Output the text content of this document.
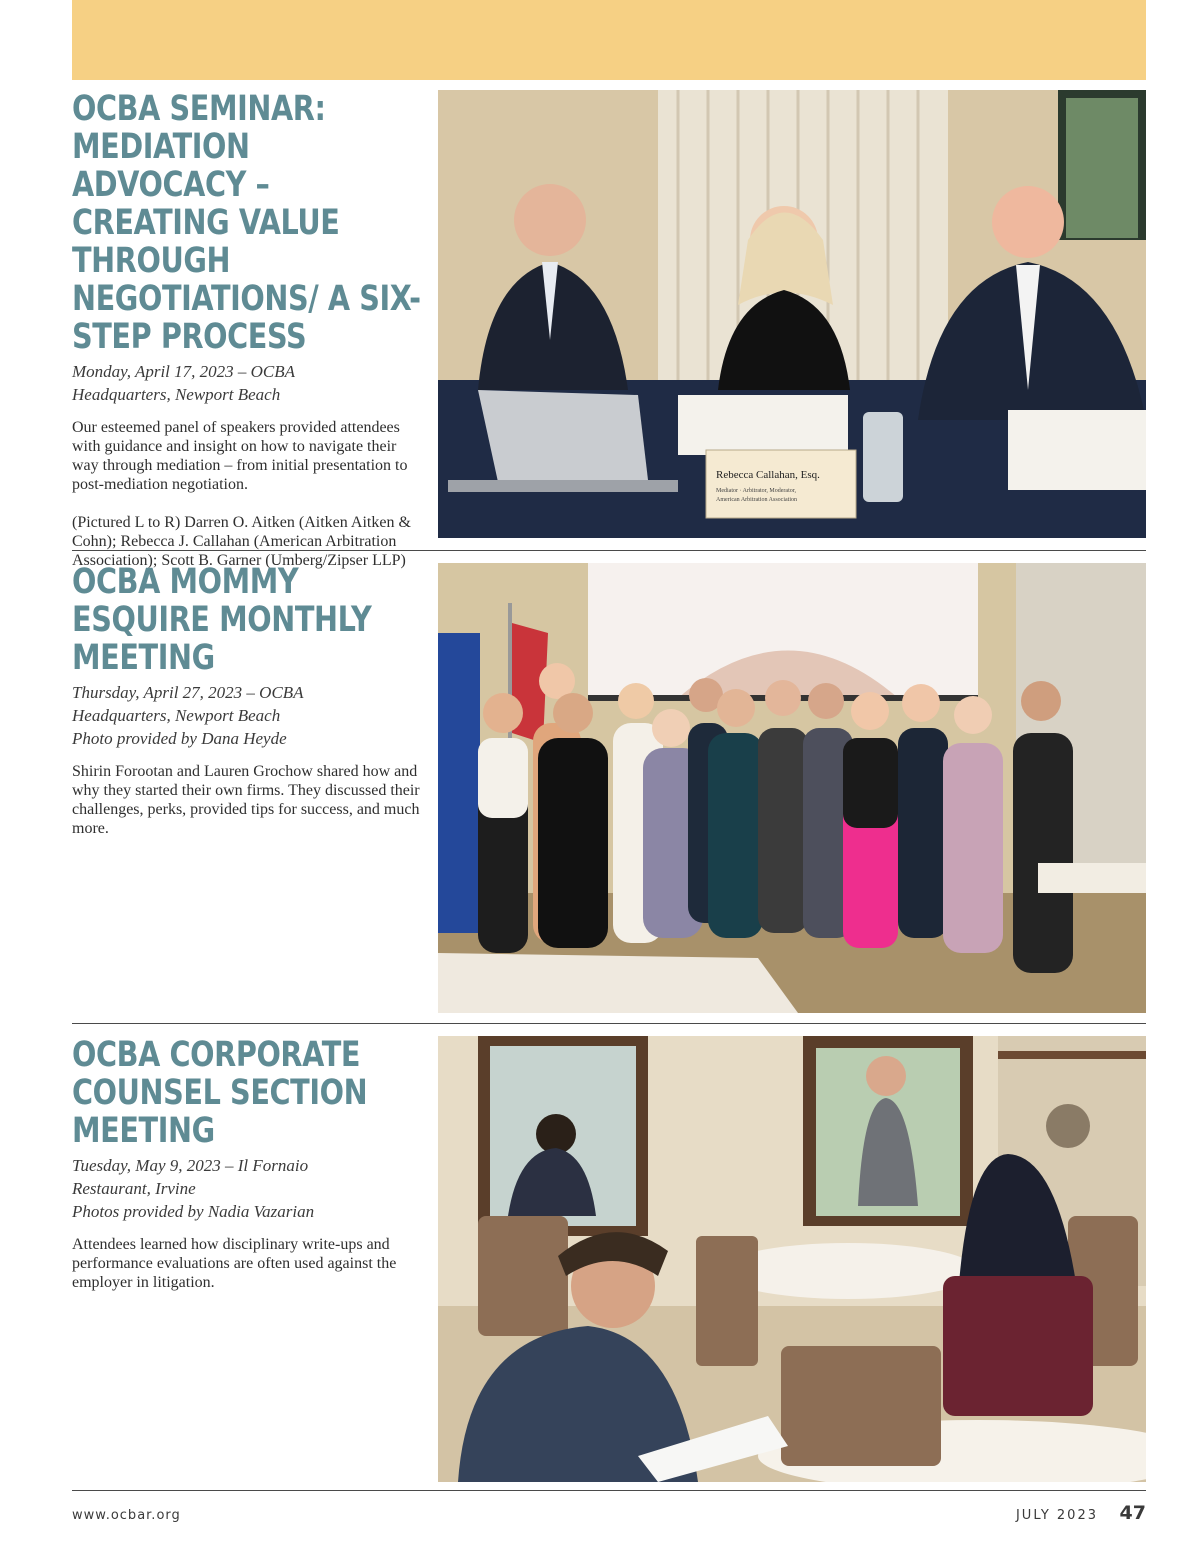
OCBA SEMINAR: MEDIATION ADVOCACY – CREATING VALUE THROUGH NEGOTIATIONS/ A SIX-STEP PROCESS

Monday, April 17, 2023 – OCBA
Headquarters, Newport Beach

Our esteemed panel of speakers provided attendees with guidance and insight on how to navigate their way through mediation – from initial presentation to post-mediation negotiation.

(Pictured L to R) Darren O. Aitken (Aitken Aitken & Cohn); Rebecca J. Callahan (American Arbitration Association); Scott B. Garner (Umberg/Zipser LLP)

Rebecca Callahan, Esq.
Mediator · Arbitrator, Moderator,
American Arbitration Association
OCBA MOMMY ESQUIRE MONTHLY MEETING

Thursday, April 27, 2023 – OCBA
Headquarters, Newport Beach
Photo provided by Dana Heyde

Shirin Forootan and Lauren Grochow shared how and why they started their own firms. They discussed their challenges, perks, provided tips for success, and much more.

OCBA CORPORATE COUNSEL SECTION MEETING

Tuesday, May 9, 2023 – Il Fornaio
Restaurant, Irvine
Photos provided by Nadia Vazarian

Attendees learned how disciplinary write-ups and performance evaluations are often used against the employer in litigation.

www.ocbar.org	JULY 2023 47
